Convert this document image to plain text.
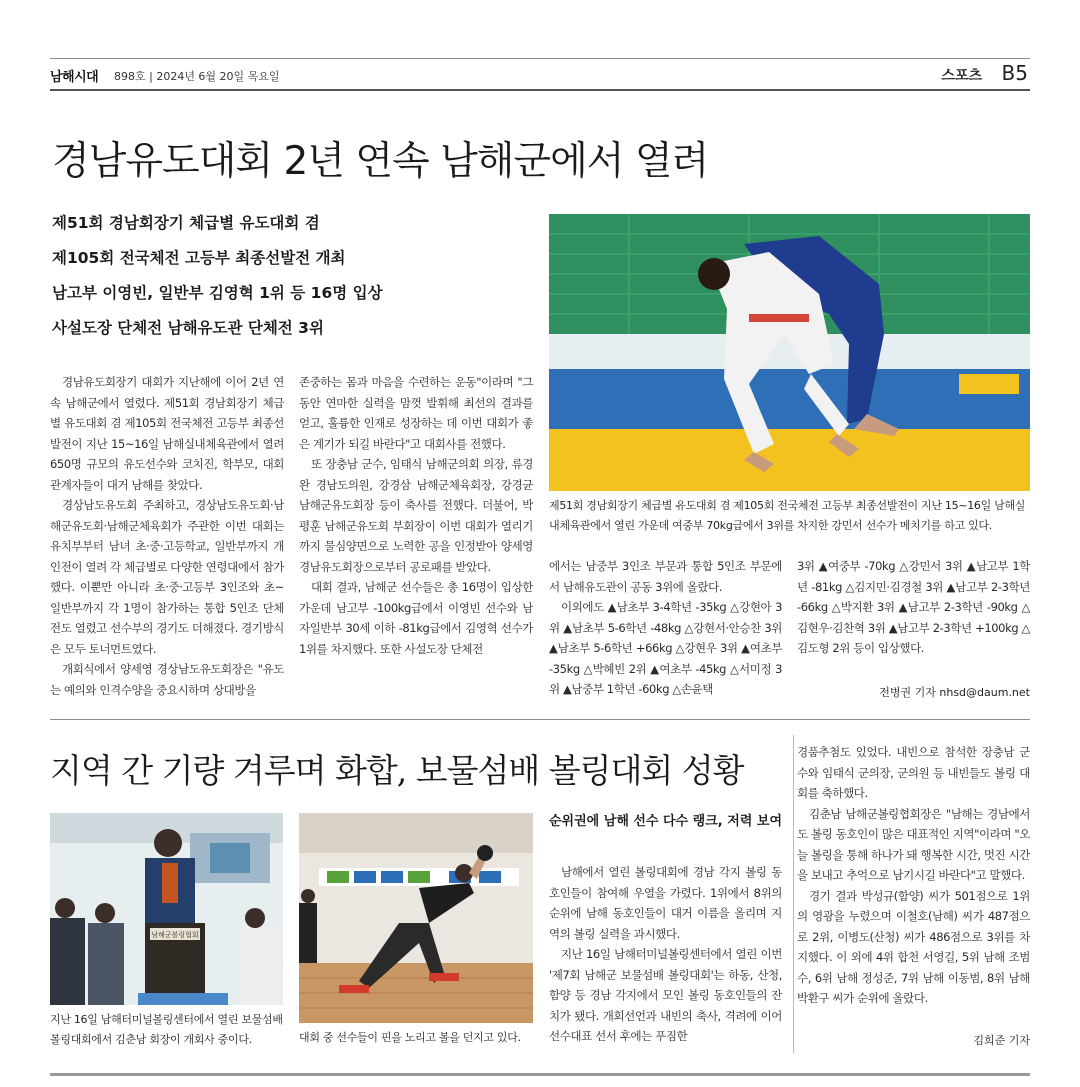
남해시대 898호 | 2024년 6월 20일 목요일	스포츠 B5
경남유도대회 2년 연속 남해군에서 열려
제51회 경남회장기 체급별 유도대회 겸
제105회 전국체전 고등부 최종선발전 개최
남고부 이영빈, 일반부 김영혁 1위 등 16명 입상
사설도장 단체전 남해유도관 단체전 3위
제51회 경남회장기 체급별 유도대회 겸 제105회 전국체전 고등부 최종선발전이 지난 15~16일 남해실내체육관에서 열린 가운데 여중부 70kg급에서 3위를 차지한 강민서 선수가 메치기를 하고 있다.

경남유도회장기 대회가 지난해에 이어 2년 연속 남해군에서 열렸다. 제51회 경남회장기 체급별 유도대회 겸 제105회 전국체전 고등부 최종선발전이 지난 15~16일 남해실내체육관에서 열려 650명 규모의 유도선수와 코치진, 학부모, 대회 관계자들이 대거 남해를 찾았다.

경상남도유도회 주최하고, 경상남도유도회·남해군유도회·남해군체육회가 주관한 이번 대회는 유치부부터 남녀 초·중·고등학교, 일반부까지 개인전이 열려 각 체급별로 다양한 연령대에서 참가했다. 이뿐만 아니라 초·중·고등부 3인조와 초~일반부까지 각 1명이 참가하는 통합 5인조 단체전도 열렸고 선수부의 경기도 더해졌다. 경기방식은 모두 토너먼트였다.

개회식에서 양세영 경상남도유도회장은 "유도는 예의와 인격수양을 중요시하며 상대방을

존중하는 몸과 마음을 수련하는 운동"이라며 "그동안 연마한 실력을 맘껏 발휘해 최선의 결과를 얻고, 훌륭한 인재로 성장하는 데 이번 대회가 좋은 계기가 되길 바란다"고 대회사를 전했다.

또 장충남 군수, 임태식 남해군의회 의장, 류경완 경남도의원, 강경삼 남해군체육회장, 강경균 남해군유도회장 등이 축사를 전했다. 더불어, 박평훈 남해군유도회 부회장이 이번 대회가 열리기까지 물심양면으로 노력한 공을 인정받아 양세영 경남유도회장으로부터 공로패를 받았다.

대회 결과, 남해군 선수들은 총 16명이 입상한 가운데 남고부 -100kg급에서 이영빈 선수와 남자일반부 30세 이하 -81kg급에서 김영혁 선수가 1위를 차지했다. 또한 사설도장 단체전

에서는 남중부 3인조 부문과 통합 5인조 부문에서 남해유도관이 공동 3위에 올랐다.

이외에도 ▲남초부 3-4학년 -35kg △강현아 3위 ▲남초부 5-6학년 -48kg △강현서·안승찬 3위 ▲남초부 5-6학년 +66kg △강현우 3위 ▲여초부 -35kg △박혜빈 2위 ▲여초부 -45kg △서미정 3위 ▲남중부 1학년 -60kg △손윤택

3위 ▲여중부 -70kg △강민서 3위 ▲남고부 1학년 -81kg △김지민·김경철 3위 ▲남고부 2-3학년 -66kg △박지환 3위 ▲남고부 2-3학년 -90kg △김현우·김찬혁 3위 ▲남고부 2-3학년 +100kg △김도형 2위 등이 입상했다.

전병권 기자 nhsd@daum.net
지역 간 기량 겨루며 화합, 보물섬배 볼링대회 성황
남해군볼링협회
지난 16일 남해터미널볼링센터에서 열린 보물섬배 볼링대회에서 김춘남 회장이 개회사 중이다.	대회 중 선수들이 핀을 노리고 볼을 던지고 있다.
순위권에 남해 선수 다수 랭크, 저력 보여

남해에서 열린 볼링대회에 경남 각지 볼링 동호인들이 참여해 우열을 가렸다. 1위에서 8위의 순위에 남해 동호인들이 대거 이름을 올리며 지역의 볼링 실력을 과시했다.

지난 16일 남해터미널볼링센터에서 열린 이번 '제7회 남해군 보물섬배 볼링대회'는 하동, 산청, 함양 등 경남 각지에서 모인 볼링 동호인들의 잔치가 됐다. 개회선언과 내빈의 축사, 격려에 이어 선수대표 선서 후에는 푸짐한

경품추첨도 있었다. 내빈으로 참석한 장충남 군수와 임태식 군의장, 군의원 등 내빈들도 볼링 대회를 축하했다.

김춘남 남해군볼링협회장은 "남해는 경남에서도 볼링 동호인이 많은 대표적인 지역"이라며 "오늘 볼링을 통해 하나가 돼 행복한 시간, 멋진 시간을 보내고 추억으로 남기시길 바란다"고 말했다.

경기 결과 박성규(함양) 씨가 501점으로 1위의 영광을 누렸으며 이철호(남해) 씨가 487점으로 2위, 이병도(산청) 씨가 486점으로 3위를 차지했다. 이 외에 4위 합천 서영길, 5위 남해 조범수, 6위 남해 정성준, 7위 남해 이동범, 8위 남해 박환구 씨가 순위에 올랐다.

김희준 기자
